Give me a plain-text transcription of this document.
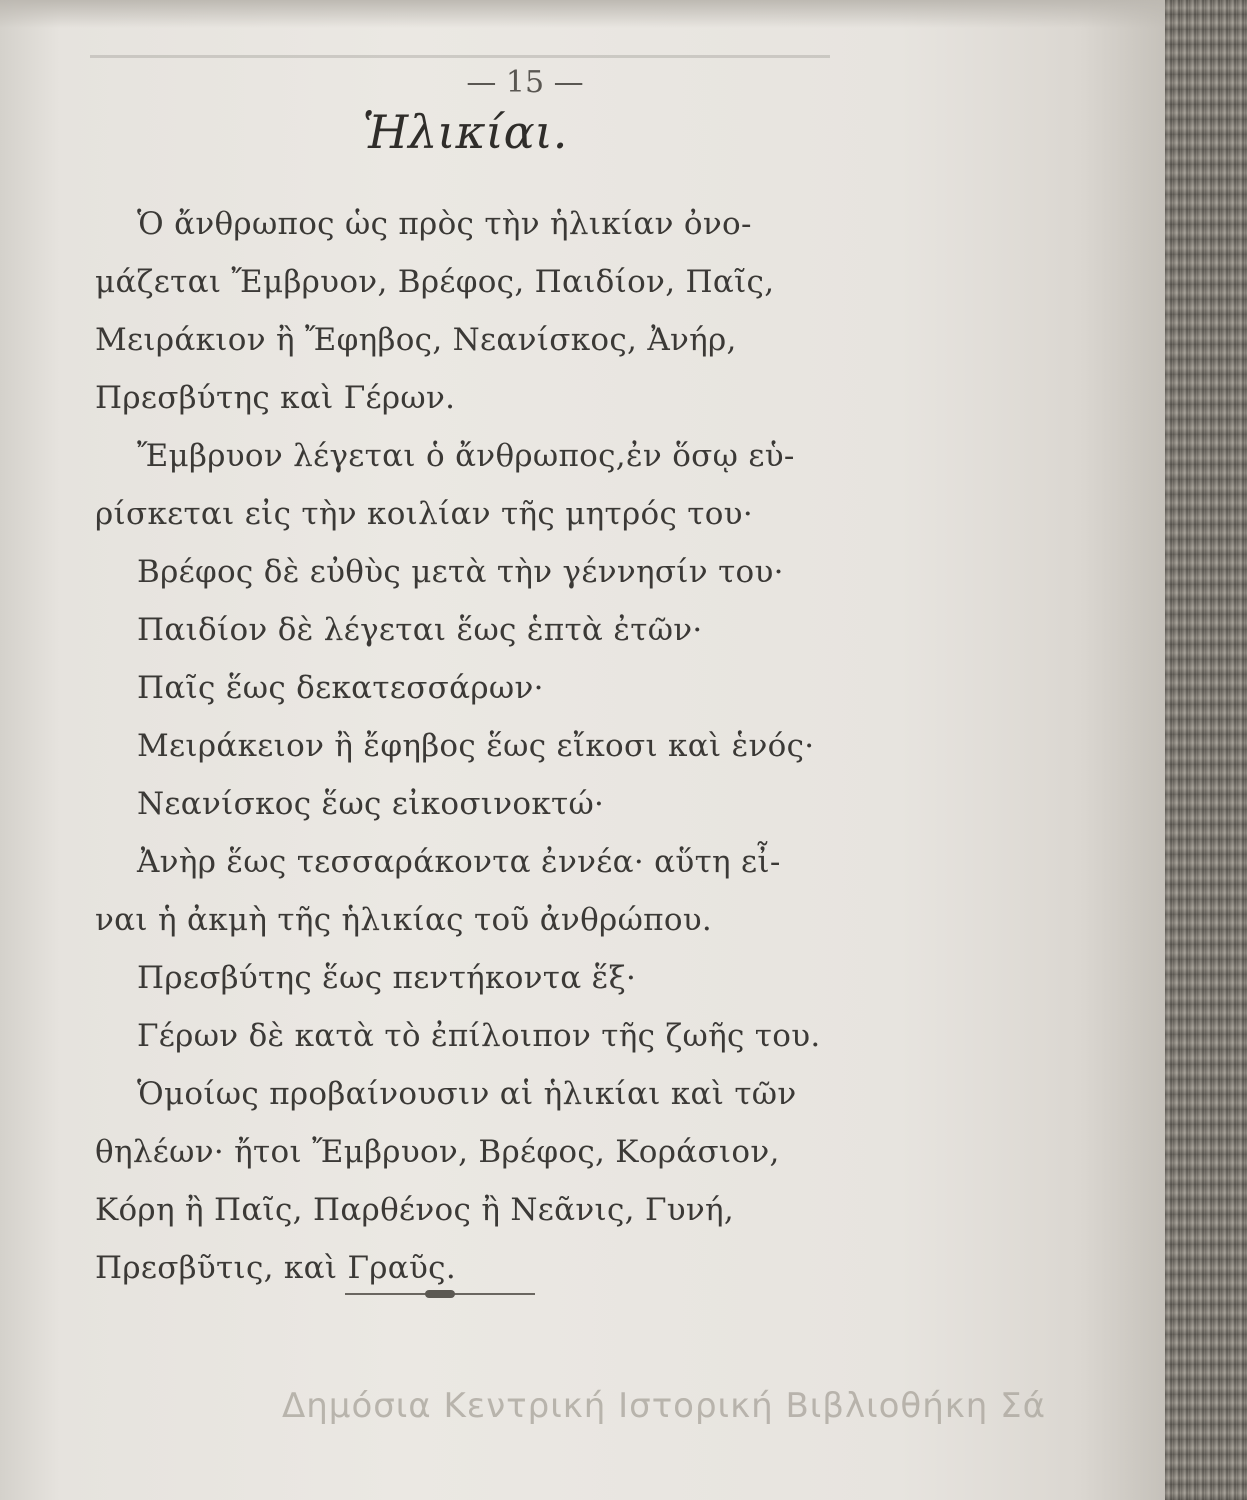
— 15 —
Ἡλικίαι.

Ὁ ἄνθρωπος ὡς πρὸς τὴν ἡλικίαν ὀνο-
μάζεται Ἔμβρυον, Βρέφος, Παιδίον, Παῖς,
Μειράκιον ἢ Ἔφηβος, Νεανίσκος, Ἀνήρ,
Πρεσβύτης καὶ Γέρων.

Ἔμβρυον λέγεται ὁ ἄνθρωπος,ἐν ὅσῳ εὑ-
ρίσκεται εἰς τὴν κοιλίαν τῆς μητρός του·

Βρέφος δὲ εὐθὺς μετὰ τὴν γέννησίν του·

Παιδίον δὲ λέγεται ἕως ἑπτὰ ἐτῶν·

Παῖς ἕως δεκατεσσάρων·

Μειράκειον ἢ ἔφηβος ἕως εἴκοσι καὶ ἑνός·

Νεανίσκος ἕως εἰκοσινοκτώ·

Ἀνὴρ ἕως τεσσαράκοντα ἐννέα· αὕτη εἶ-
ναι ἡ ἀκμὴ τῆς ἡλικίας τοῦ ἀνθρώπου.

Πρεσβύτης ἕως πεντήκοντα ἕξ·

Γέρων δὲ κατὰ τὸ ἐπίλοιπον τῆς ζωῆς του.

Ὁμοίως προβαίνουσιν αἱ ἡλικίαι καὶ τῶν
θηλέων· ἤτοι Ἔμβρυον, Βρέφος, Κοράσιον,
Κόρη ἢ Παῖς, Παρθένος ἢ Νεᾶνις, Γυνή,
Πρεσβῦτις, καὶ Γραῦς.

Δημόσια Κεντρική Ιστορική Βιβλιοθήκη Σά
